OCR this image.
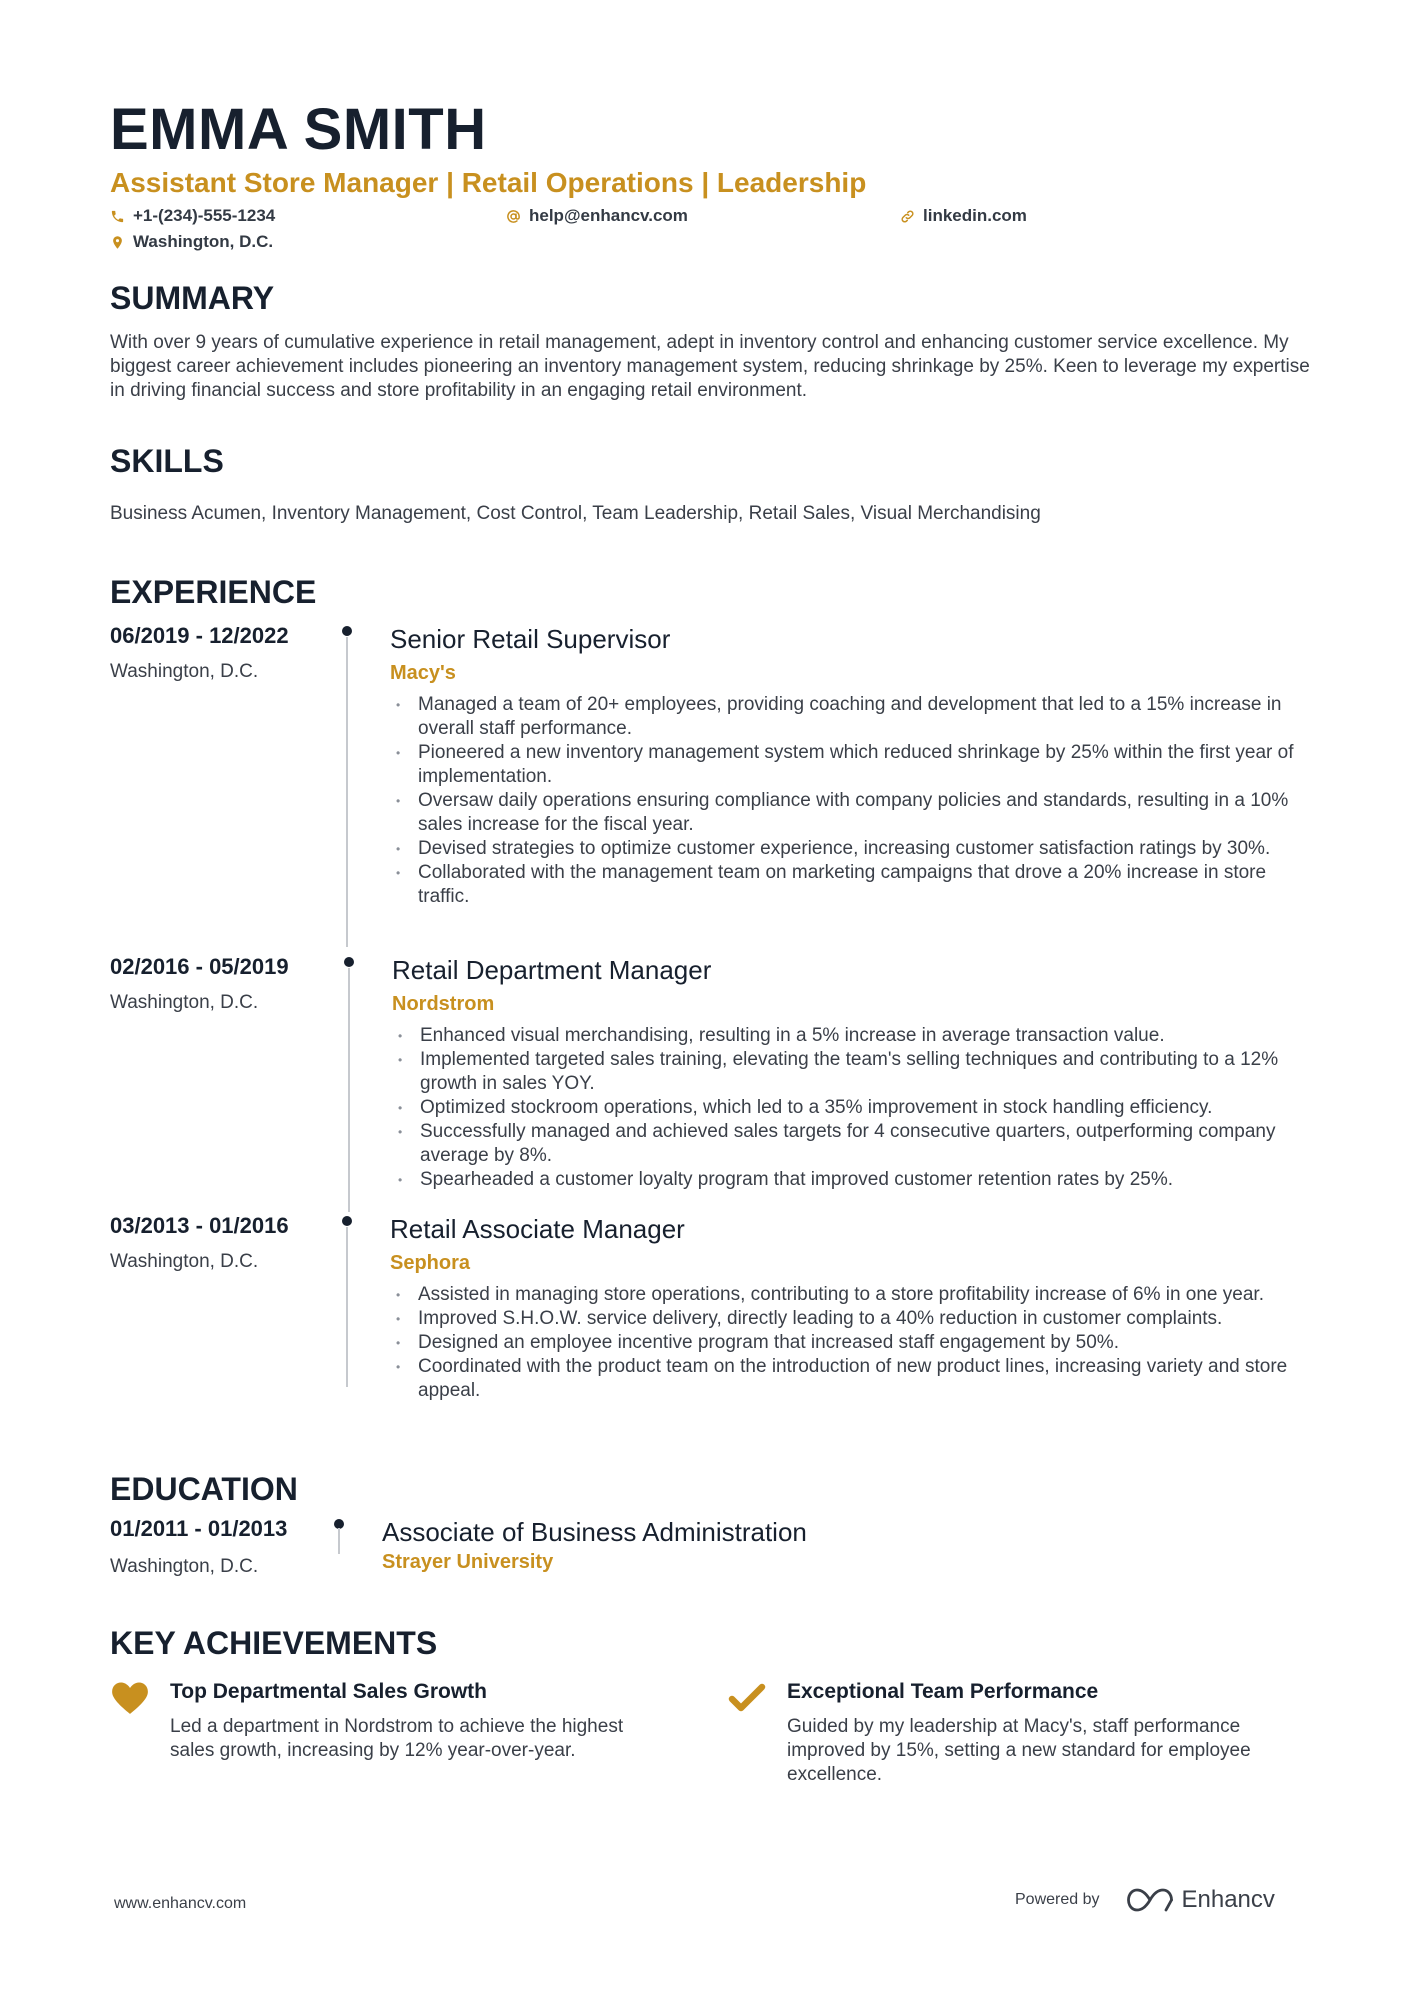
EMMA SMITH
Assistant Store Manager | Retail Operations | Leadership
+1-(234)-555-1234	help@enhancv.com	linkedin.com
Washington, D.C.
SUMMARY

With over 9 years of cumulative experience in retail management, adept in inventory control and enhancing customer service excellence. My biggest career achievement includes pioneering an inventory management system, reducing shrinkage by 25%. Keen to leverage my expertise in driving financial success and store profitability in an engaging retail environment.

SKILLS

Business Acumen, Inventory Management, Cost Control, Team Leadership, Retail Sales, Visual Merchandising

EXPERIENCE
06/2019 - 12/2022
Washington, D.C.
Senior Retail Supervisor
Macy's
• Managed a team of 20+ employees, providing coaching and development that led to a 15% increase in overall staff performance.
• Pioneered a new inventory management system which reduced shrinkage by 25% within the first year of implementation.
• Oversaw daily operations ensuring compliance with company policies and standards, resulting in a 10% sales increase for the fiscal year.
• Devised strategies to optimize customer experience, increasing customer satisfaction ratings by 30%.
• Collaborated with the management team on marketing campaigns that drove a 20% increase in store traffic.
02/2016 - 05/2019
Washington, D.C.
Retail Department Manager
Nordstrom
• Enhanced visual merchandising, resulting in a 5% increase in average transaction value.
• Implemented targeted sales training, elevating the team's selling techniques and contributing to a 12% growth in sales YOY.
• Optimized stockroom operations, which led to a 35% improvement in stock handling efficiency.
• Successfully managed and achieved sales targets for 4 consecutive quarters, outperforming company average by 8%.
• Spearheaded a customer loyalty program that improved customer retention rates by 25%.
03/2013 - 01/2016
Washington, D.C.
Retail Associate Manager
Sephora
• Assisted in managing store operations, contributing to a store profitability increase of 6% in one year.
• Improved S.H.O.W. service delivery, directly leading to a 40% reduction in customer complaints.
• Designed an employee incentive program that increased staff engagement by 50%.
• Coordinated with the product team on the introduction of new product lines, increasing variety and store appeal.
EDUCATION
01/2011 - 01/2013
Washington, D.C.
Associate of Business Administration
Strayer University
KEY ACHIEVEMENTS
Top Departmental Sales Growth
Led a department in Nordstrom to achieve the highest sales growth, increasing by 12% year-over-year.
Exceptional Team Performance
Guided by my leadership at Macy's, staff performance improved by 15%, setting a new standard for employee excellence.
www.enhancv.com	Powered by	Enhancv
